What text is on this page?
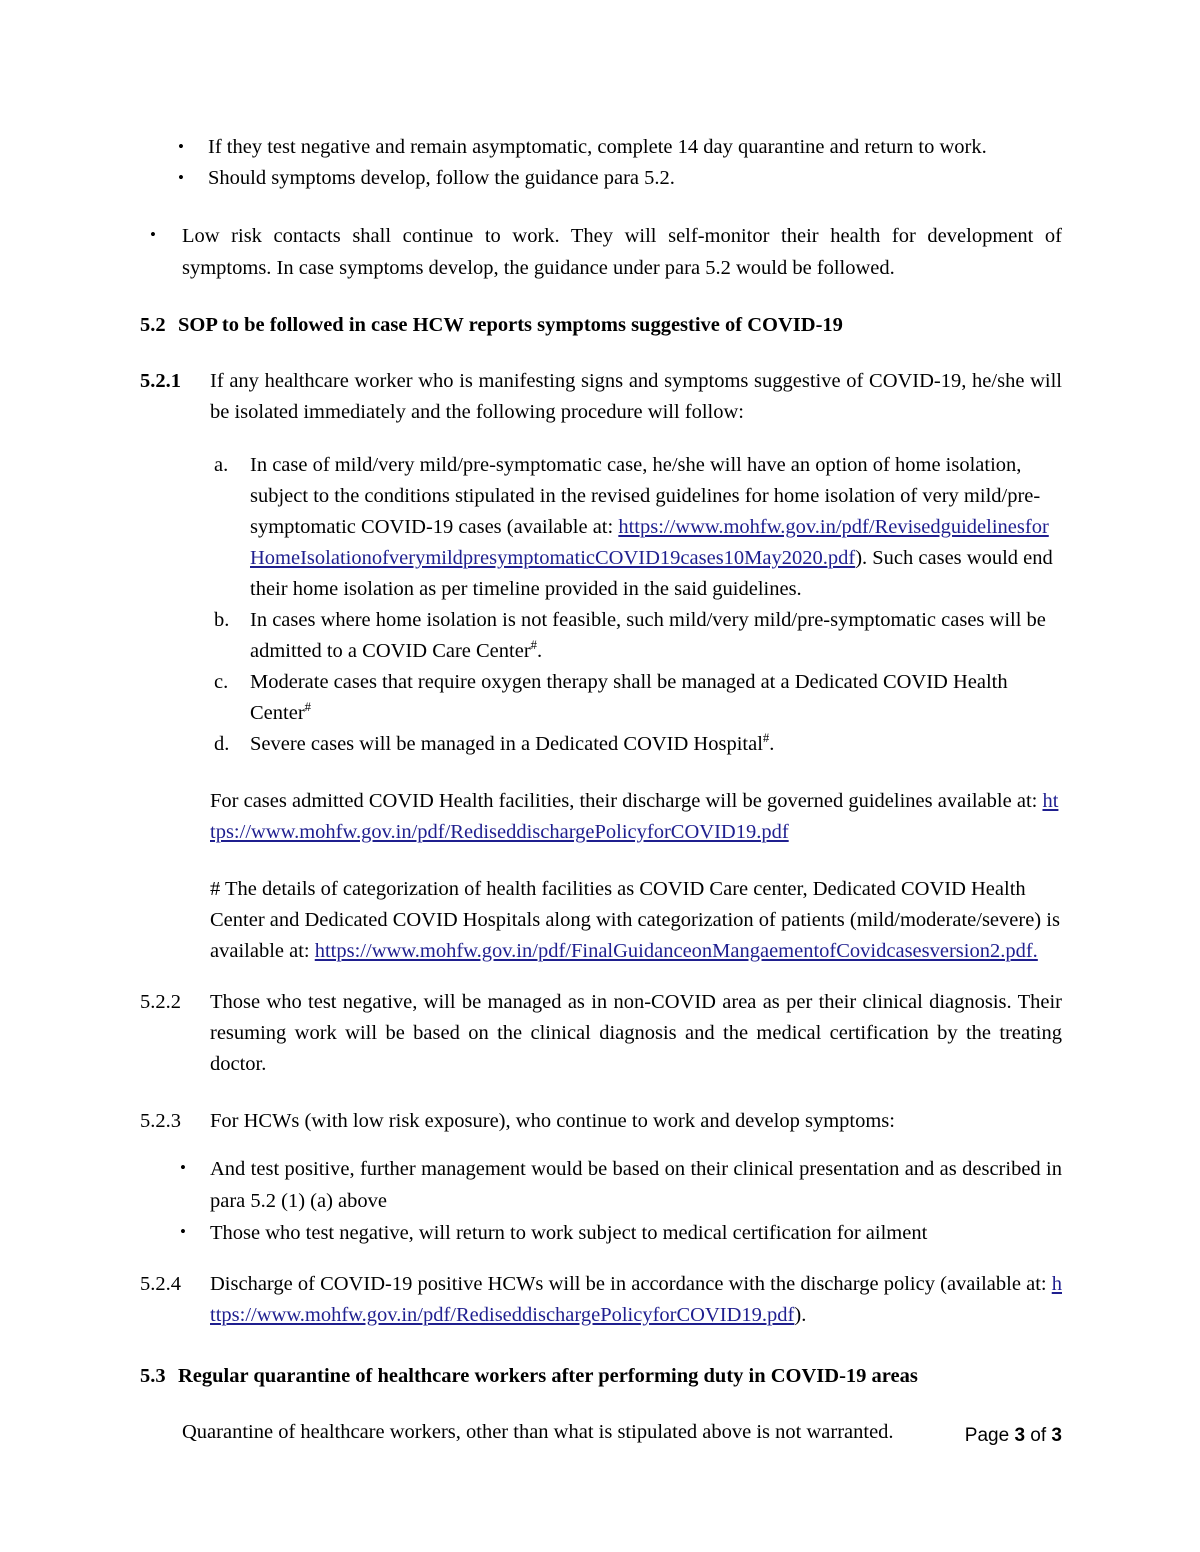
• If they test negative and remain asymptomatic, complete 14 day quarantine and return to work.
• Should symptoms develop, follow the guidance para 5.2.
• Low risk contacts shall continue to work. They will self-monitor their health for development of symptoms. In case symptoms develop, the guidance under para 5.2 would be followed.
5.2 SOP to be followed in case HCW reports symptoms suggestive of COVID-19
5.2.1 If any healthcare worker who is manifesting signs and symptoms suggestive of COVID-19, he/she will be isolated immediately and the following procedure will follow:
a. In case of mild/very mild/pre-symptomatic case, he/she will have an option of home isolation, subject to the conditions stipulated in the revised guidelines for home isolation of very mild/pre-symptomatic COVID-19 cases (available at: https://www.mohfw.gov.in/pdf/RevisedguidelinesforHomeIsolationofverymildpresymptomaticCOVID19cases10May2020.pdf). Such cases would end their home isolation as per timeline provided in the said guidelines.
b. In cases where home isolation is not feasible, such mild/very mild/pre-symptomatic cases will be admitted to a COVID Care Center#.
c. Moderate cases that require oxygen therapy shall be managed at a Dedicated COVID Health Center#
d. Severe cases will be managed in a Dedicated COVID Hospital#.
For cases admitted COVID Health facilities, their discharge will be governed guidelines available at: https://www.mohfw.gov.in/pdf/RediseddischargePolicyforCOVID19.pdf
# The details of categorization of health facilities as COVID Care center, Dedicated COVID Health Center and Dedicated COVID Hospitals along with categorization of patients (mild/moderate/severe) is available at: https://www.mohfw.gov.in/pdf/FinalGuidanceonMangaementofCovidcasesversion2.pdf.
5.2.2 Those who test negative, will be managed as in non-COVID area as per their clinical diagnosis. Their resuming work will be based on the clinical diagnosis and the medical certification by the treating doctor.
5.2.3 For HCWs (with low risk exposure), who continue to work and develop symptoms:
• And test positive, further management would be based on their clinical presentation and as described in para 5.2 (1) (a) above
• Those who test negative, will return to work subject to medical certification for ailment
5.2.4 Discharge of COVID-19 positive HCWs will be in accordance with the discharge policy (available at: https://www.mohfw.gov.in/pdf/RediseddischargePolicyforCOVID19.pdf).
5.3 Regular quarantine of healthcare workers after performing duty in COVID-19 areas
Quarantine of healthcare workers, other than what is stipulated above is not warranted.	Page 3 of 3
